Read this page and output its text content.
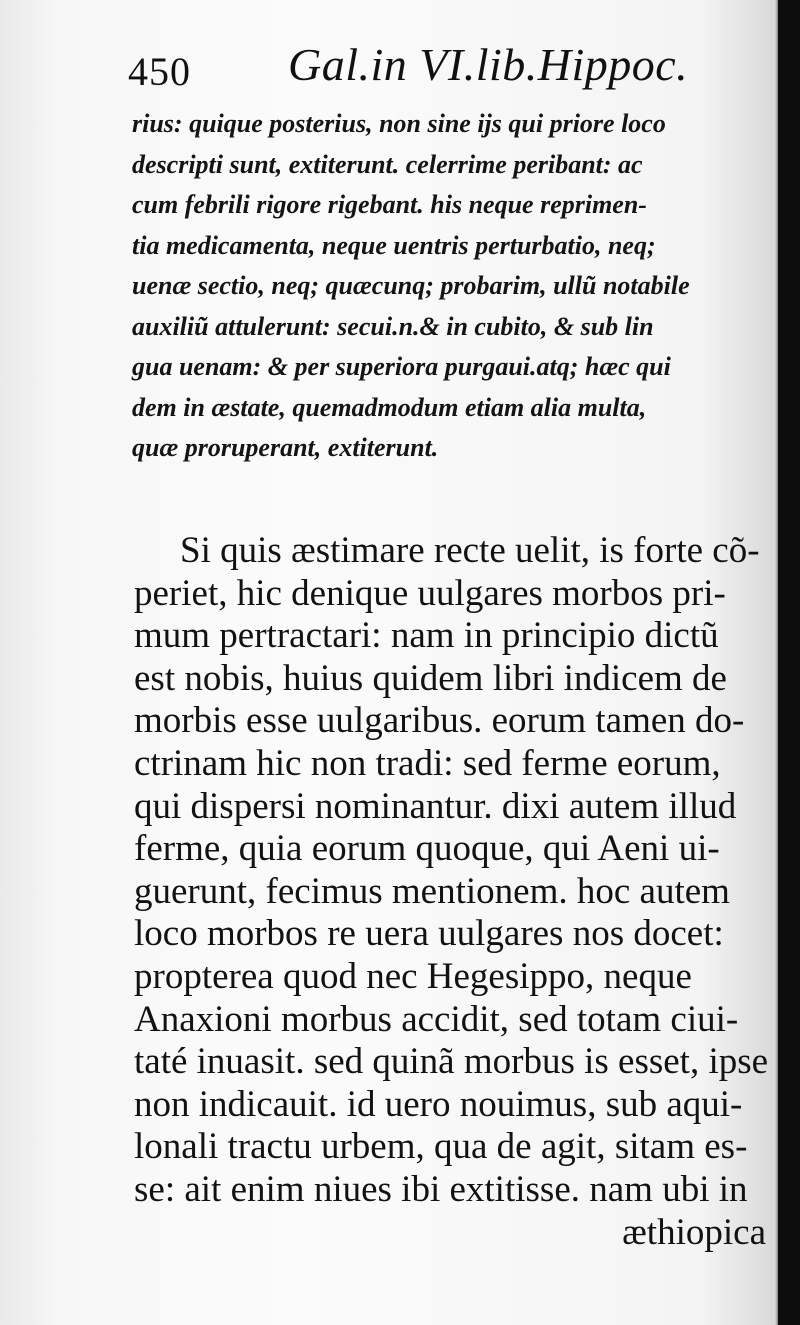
450 Gal.in VI.lib.Hippoc.
rius: quique posterius, non sine ijs qui priore loco
descripti sunt, extiterunt. celerrime peribant: ac
cum febrili rigore rigebant. his neque reprimen-
tia medicamenta, neque uentris perturbatio, neq;
uenæ sectio, neq; quæcunq; probarim, ullũ notabile
auxiliũ attulerunt: secui.n.& in cubito, & sub lin
gua uenam: & per superiora purgaui.atq; hæc qui
dem in æstate, quemadmodum etiam alia multa,
quæ proruperant, extiterunt.
Si quis æstimare recte uelit, is forte cõ-
periet, hic denique uulgares morbos pri-
mum pertractari: nam in principio dictũ
est nobis, huius quidem libri indicem de
morbis esse uulgaribus. eorum tamen do-
ctrinam hic non tradi: sed ferme eorum,
qui dispersi nominantur. dixi autem illud
ferme, quia eorum quoque, qui Aeni ui-
guerunt, fecimus mentionem. hoc autem
loco morbos re uera uulgares nos docet:
propterea quod nec Hegesippo, neque
Anaxioni morbus accidit, sed totam ciui-
taté inuasit. sed quinã morbus is esset, ipse
non indicauit. id uero nouimus, sub aqui-
lonali tractu urbem, qua de agit, sitam es-
se: ait enim niues ibi extitisse. nam ubi in
æthiopica
